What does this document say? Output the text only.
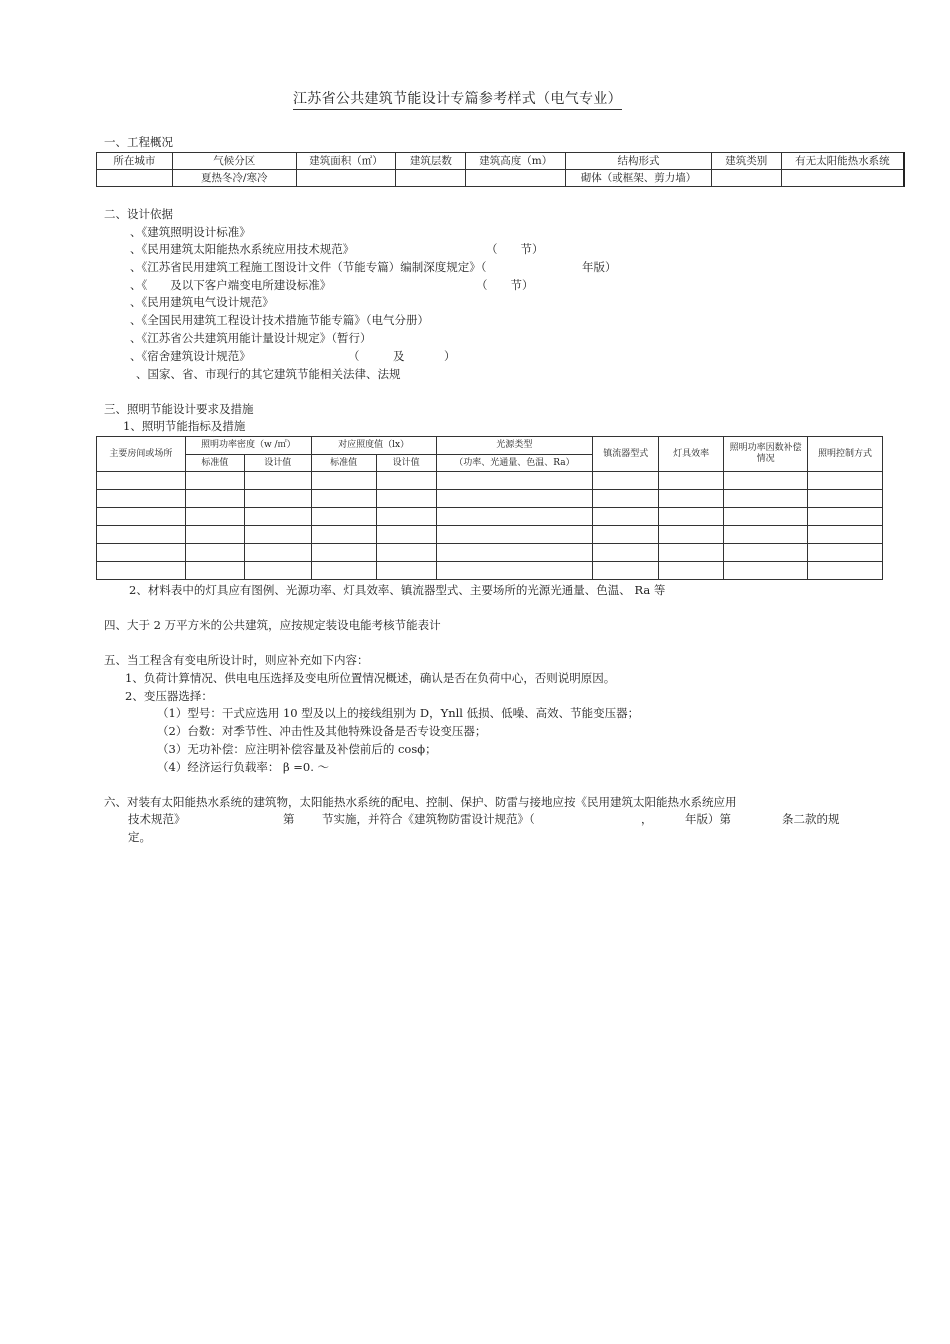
江苏省公共建筑节能设计专篇参考样式（电气专业）
一、工程概况
所在城市	气候分区	建筑面积（㎡）	建筑层数	建筑高度（m）	结构形式	建筑类别	有无太阳能热水系统
	夏热冬冷/寒冷				砌体（或框架、剪力墙）		
二、设计依据
、《建筑照明设计标准》
、《民用建筑太阳能热水系统应用技术规范》	（　　节）
、《江苏省民用建筑工程施工图设计文件（节能专篇）编制深度规定》（	年版）
、《　　及以下客户端变电所建设标准》	（　　节）
、《民用建筑电气设计规范》
、《全国民用建筑工程设计技术措施节能专篇》（电气分册）
、《江苏省公共建筑用能计量设计规定》（暂行）
、《宿舍建筑设计规范》	（	及	）
、国家、省、市现行的其它建筑节能相关法律、法规
三、照明节能设计要求及措施
1、照明节能指标及措施
主要房间或场所	照明功率密度（w /㎡）		对应照度值（lx）		光源类型	镇流器型式	灯具效率	照明功率因数补偿情况	照明控制方式
	标准值	设计值	标准值	设计值	（功率、光通量、色温、Ra）				

2、材料表中的灯具应有图例、光源功率、灯具效率、镇流器型式、主要场所的光源光通量、色温、 Ra 等
四、大于 2 万平方米的公共建筑，应按规定装设电能考核节能表计
五、当工程含有变电所设计时，则应补充如下内容：
1、负荷计算情况、供电电压选择及变电所位置情况概述，确认是否在负荷中心，否则说明原因。
2、变压器选择：
（1）型号：干式应选用 10 型及以上的接线组别为 D，Ynll 低损、低噪、高效、节能变压器；
（2）台数：对季节性、冲击性及其他特殊设备是否专设变压器；
（3）无功补偿：应注明补偿容量及补偿前后的 cosϕ；
（4）经济运行负载率： β =0. ～
六、对装有太阳能热水系统的建筑物，太阳能热水系统的配电、控制、保护、防雷与接地应按《民用建筑太阳能热水系统应用
技术规范》	第 节实施，并符合《建筑物防雷设计规范》（	，	年版）第	条二款的规
定。
